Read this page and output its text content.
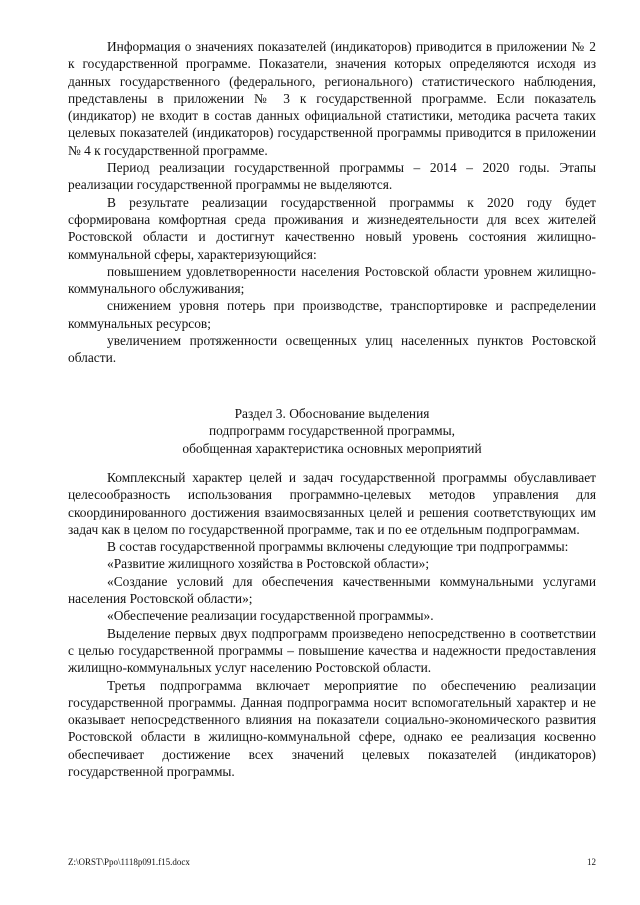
Информация о значениях показателей (индикаторов) приводится в приложении № 2 к государственной программе. Показатели, значения которых определяются исходя из данных государственного (федерального, регионального) статистического наблюдения, представлены в приложении № 3 к государственной программе. Если показатель (индикатор) не входит в состав данных официальной статистики, методика расчета таких целевых показателей (индикаторов) государственной программы приводится в приложении № 4 к государственной программе.

Период реализации государственной программы – 2014 – 2020 годы. Этапы реализации государственной программы не выделяются.

В результате реализации государственной программы к 2020 году будет сформирована комфортная среда проживания и жизнедеятельности для всех жителей Ростовской области и достигнут качественно новый уровень состояния жилищно-коммунальной сферы, характеризующийся:

повышением удовлетворенности населения Ростовской области уровнем жилищно-коммунального обслуживания;

снижением уровня потерь при производстве, транспортировке и распределении коммунальных ресурсов;

увеличением протяженности освещенных улиц населенных пунктов Ростовской области.

Раздел 3. Обоснование выделения
подпрограмм государственной программы,
обобщенная характеристика основных мероприятий

Комплексный характер целей и задач государственной программы обуславливает целесообразность использования программно-целевых методов управления для скоординированного достижения взаимосвязанных целей и решения соответствующих им задач как в целом по государственной программе, так и по ее отдельным подпрограммам.

В состав государственной программы включены следующие три подпрограммы:

«Развитие жилищного хозяйства в Ростовской области»;

«Создание условий для обеспечения качественными коммунальными услугами населения Ростовской области»;

«Обеспечение реализации государственной программы».

Выделение первых двух подпрограмм произведено непосредственно в соответствии с целью государственной программы – повышение качества и надежности предоставления жилищно-коммунальных услуг населению Ростовской области.

Третья подпрограмма включает мероприятие по обеспечению реализации государственной программы. Данная подпрограмма носит вспомогательный характер и не оказывает непосредственного влияния на показатели социально-экономического развития Ростовской области в жилищно-коммунальной сфере, однако ее реализация косвенно обеспечивает достижение всех значений целевых показателей (индикаторов) государственной программы.

Z:\ORST\Ppo\1118p091.f15.docx	12
